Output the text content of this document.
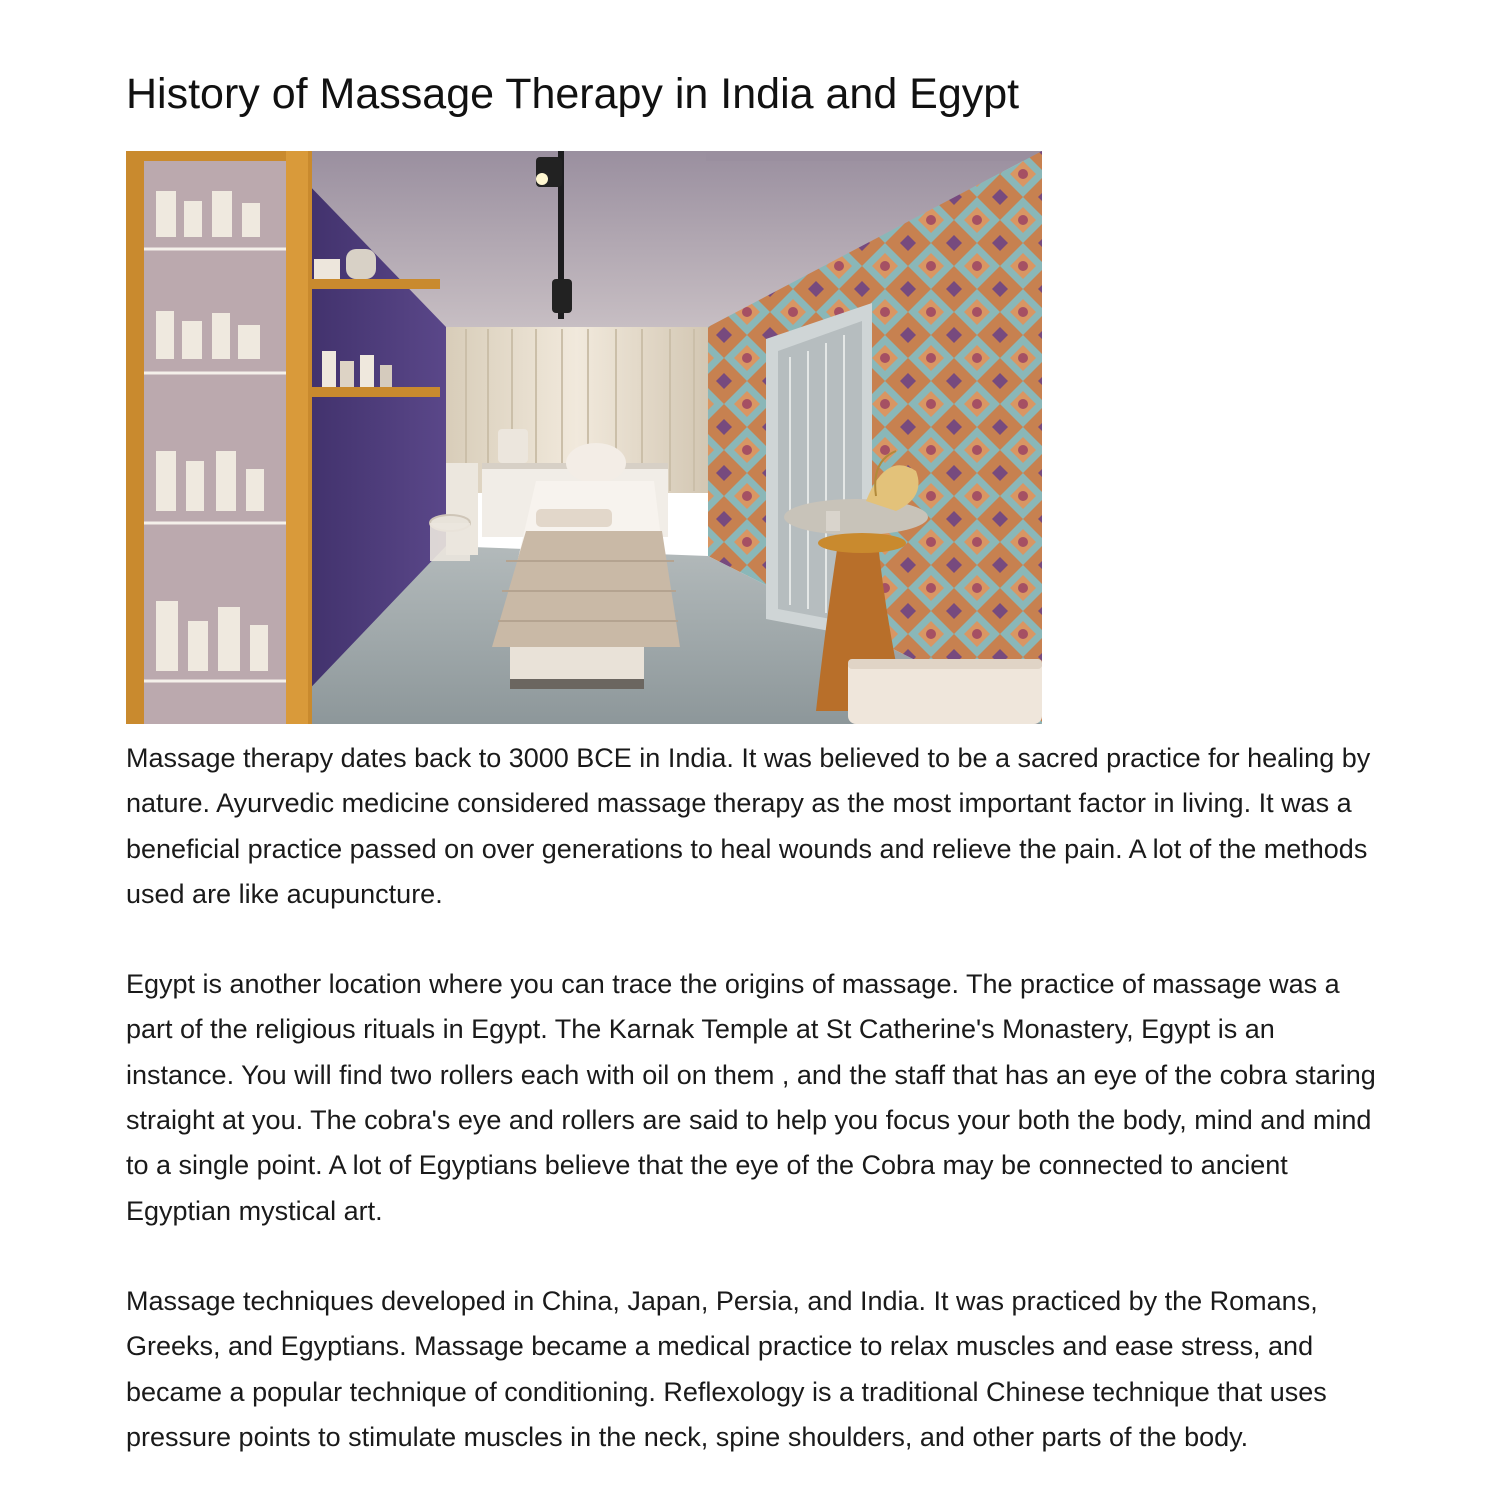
History of Massage Therapy in India and Egypt

Massage therapy dates back to 3000 BCE in India. It was believed to be a sacred practice for healing by nature. Ayurvedic medicine considered massage therapy as the most important factor in living. It was a beneficial practice passed on over generations to heal wounds and relieve the pain. A lot of the methods used are like acupuncture.

Egypt is another location where you can trace the origins of massage. The practice of massage was a part of the religious rituals in Egypt. The Karnak Temple at St Catherine's Monastery, Egypt is an instance. You will find two rollers each with oil on them , and the staff that has an eye of the cobra staring straight at you. The cobra's eye and rollers are said to help you focus your both the body, mind and mind to a single point. A lot of Egyptians believe that the eye of the Cobra may be connected to ancient Egyptian mystical art.

Massage techniques developed in China, Japan, Persia, and India. It was practiced by the Romans, Greeks, and Egyptians. Massage became a medical practice to relax muscles and ease stress, and became a popular technique of conditioning. Reflexology is a traditional Chinese technique that uses pressure points to stimulate muscles in the neck, spine shoulders, and other parts of the body.
